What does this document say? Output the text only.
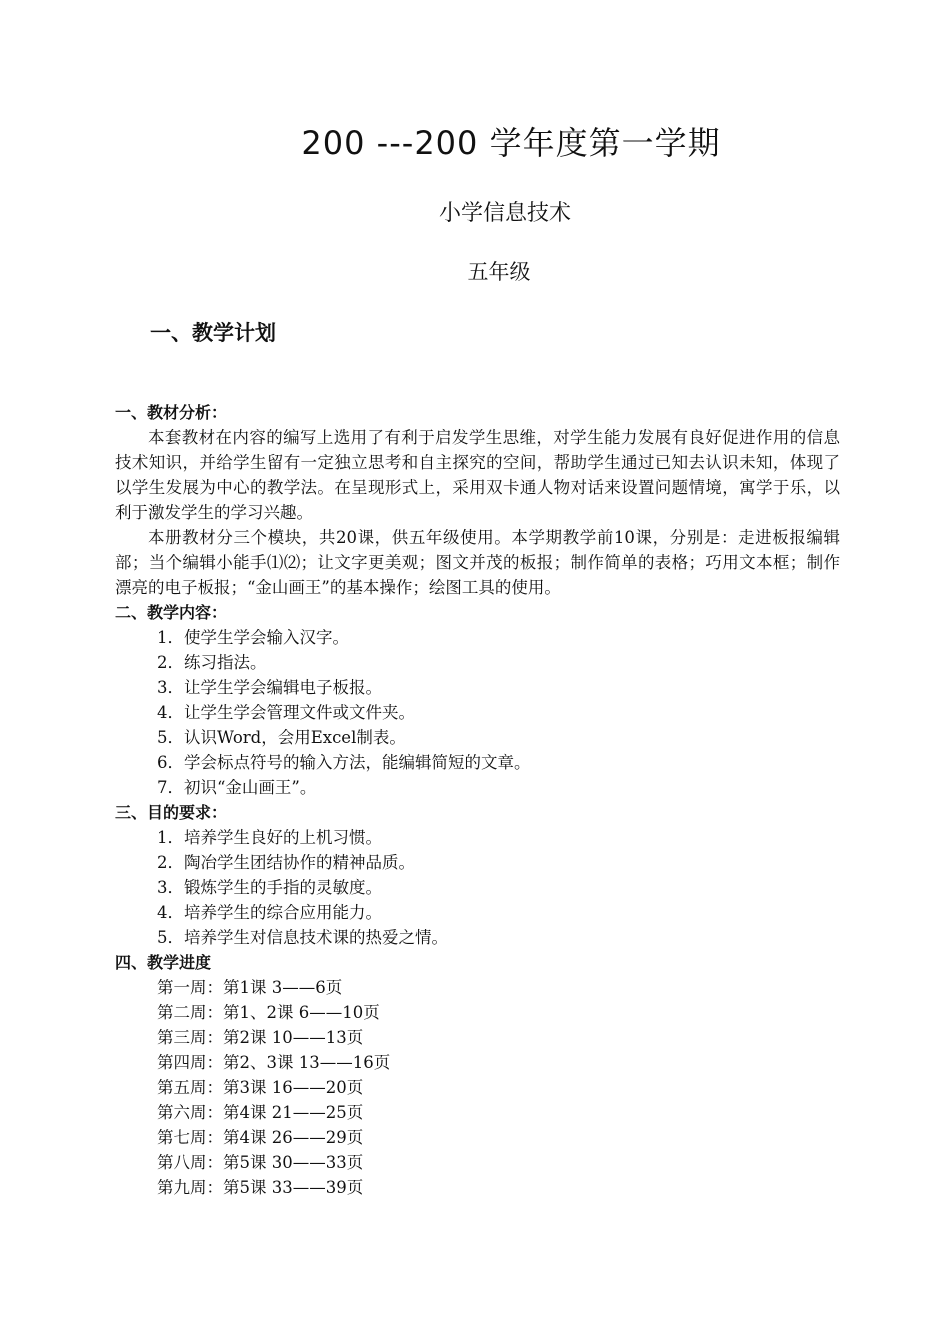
200 ---200 学年度第一学期
小学信息技术
五年级
一、教学计划
一、教材分析：

本套教材在内容的编写上选用了有利于启发学生思维，对学生能力发展有良好促进作用的信息技术知识，并给学生留有一定独立思考和自主探究的空间，帮助学生通过已知去认识未知，体现了以学生发展为中心的教学法。在呈现形式上，采用双卡通人物对话来设置问题情境，寓学于乐，以利于激发学生的学习兴趣。

本册教材分三个模块，共20课，供五年级使用。本学期教学前10课，分别是：走进板报编辑部；当个编辑小能手⑴⑵；让文字更美观；图文并茂的板报；制作简单的表格；巧用文本框；制作漂亮的电子板报；“金山画王”的基本操作；绘图工具的使用。

二、教学内容：
1．使学生学会输入汉字。
2．练习指法。
3．让学生学会编辑电子板报。
4．让学生学会管理文件或文件夹。
5．认识Word，会用Excel制表。
6．学会标点符号的输入方法，能编辑简短的文章。
7．初识“金山画王”。
三、目的要求：
1．培养学生良好的上机习惯。
2．陶冶学生团结协作的精神品质。
3．锻炼学生的手指的灵敏度。
4．培养学生的综合应用能力。
5．培养学生对信息技术课的热爱之情。
四、教学进度
第一周：第1课 3——6页
第二周：第1、2课 6——10页
第三周：第2课 10——13页
第四周：第2、3课 13——16页
第五周：第3课 16——20页
第六周：第4课 21——25页
第七周：第4课 26——29页
第八周：第5课 30——33页
第九周：第5课 33——39页
